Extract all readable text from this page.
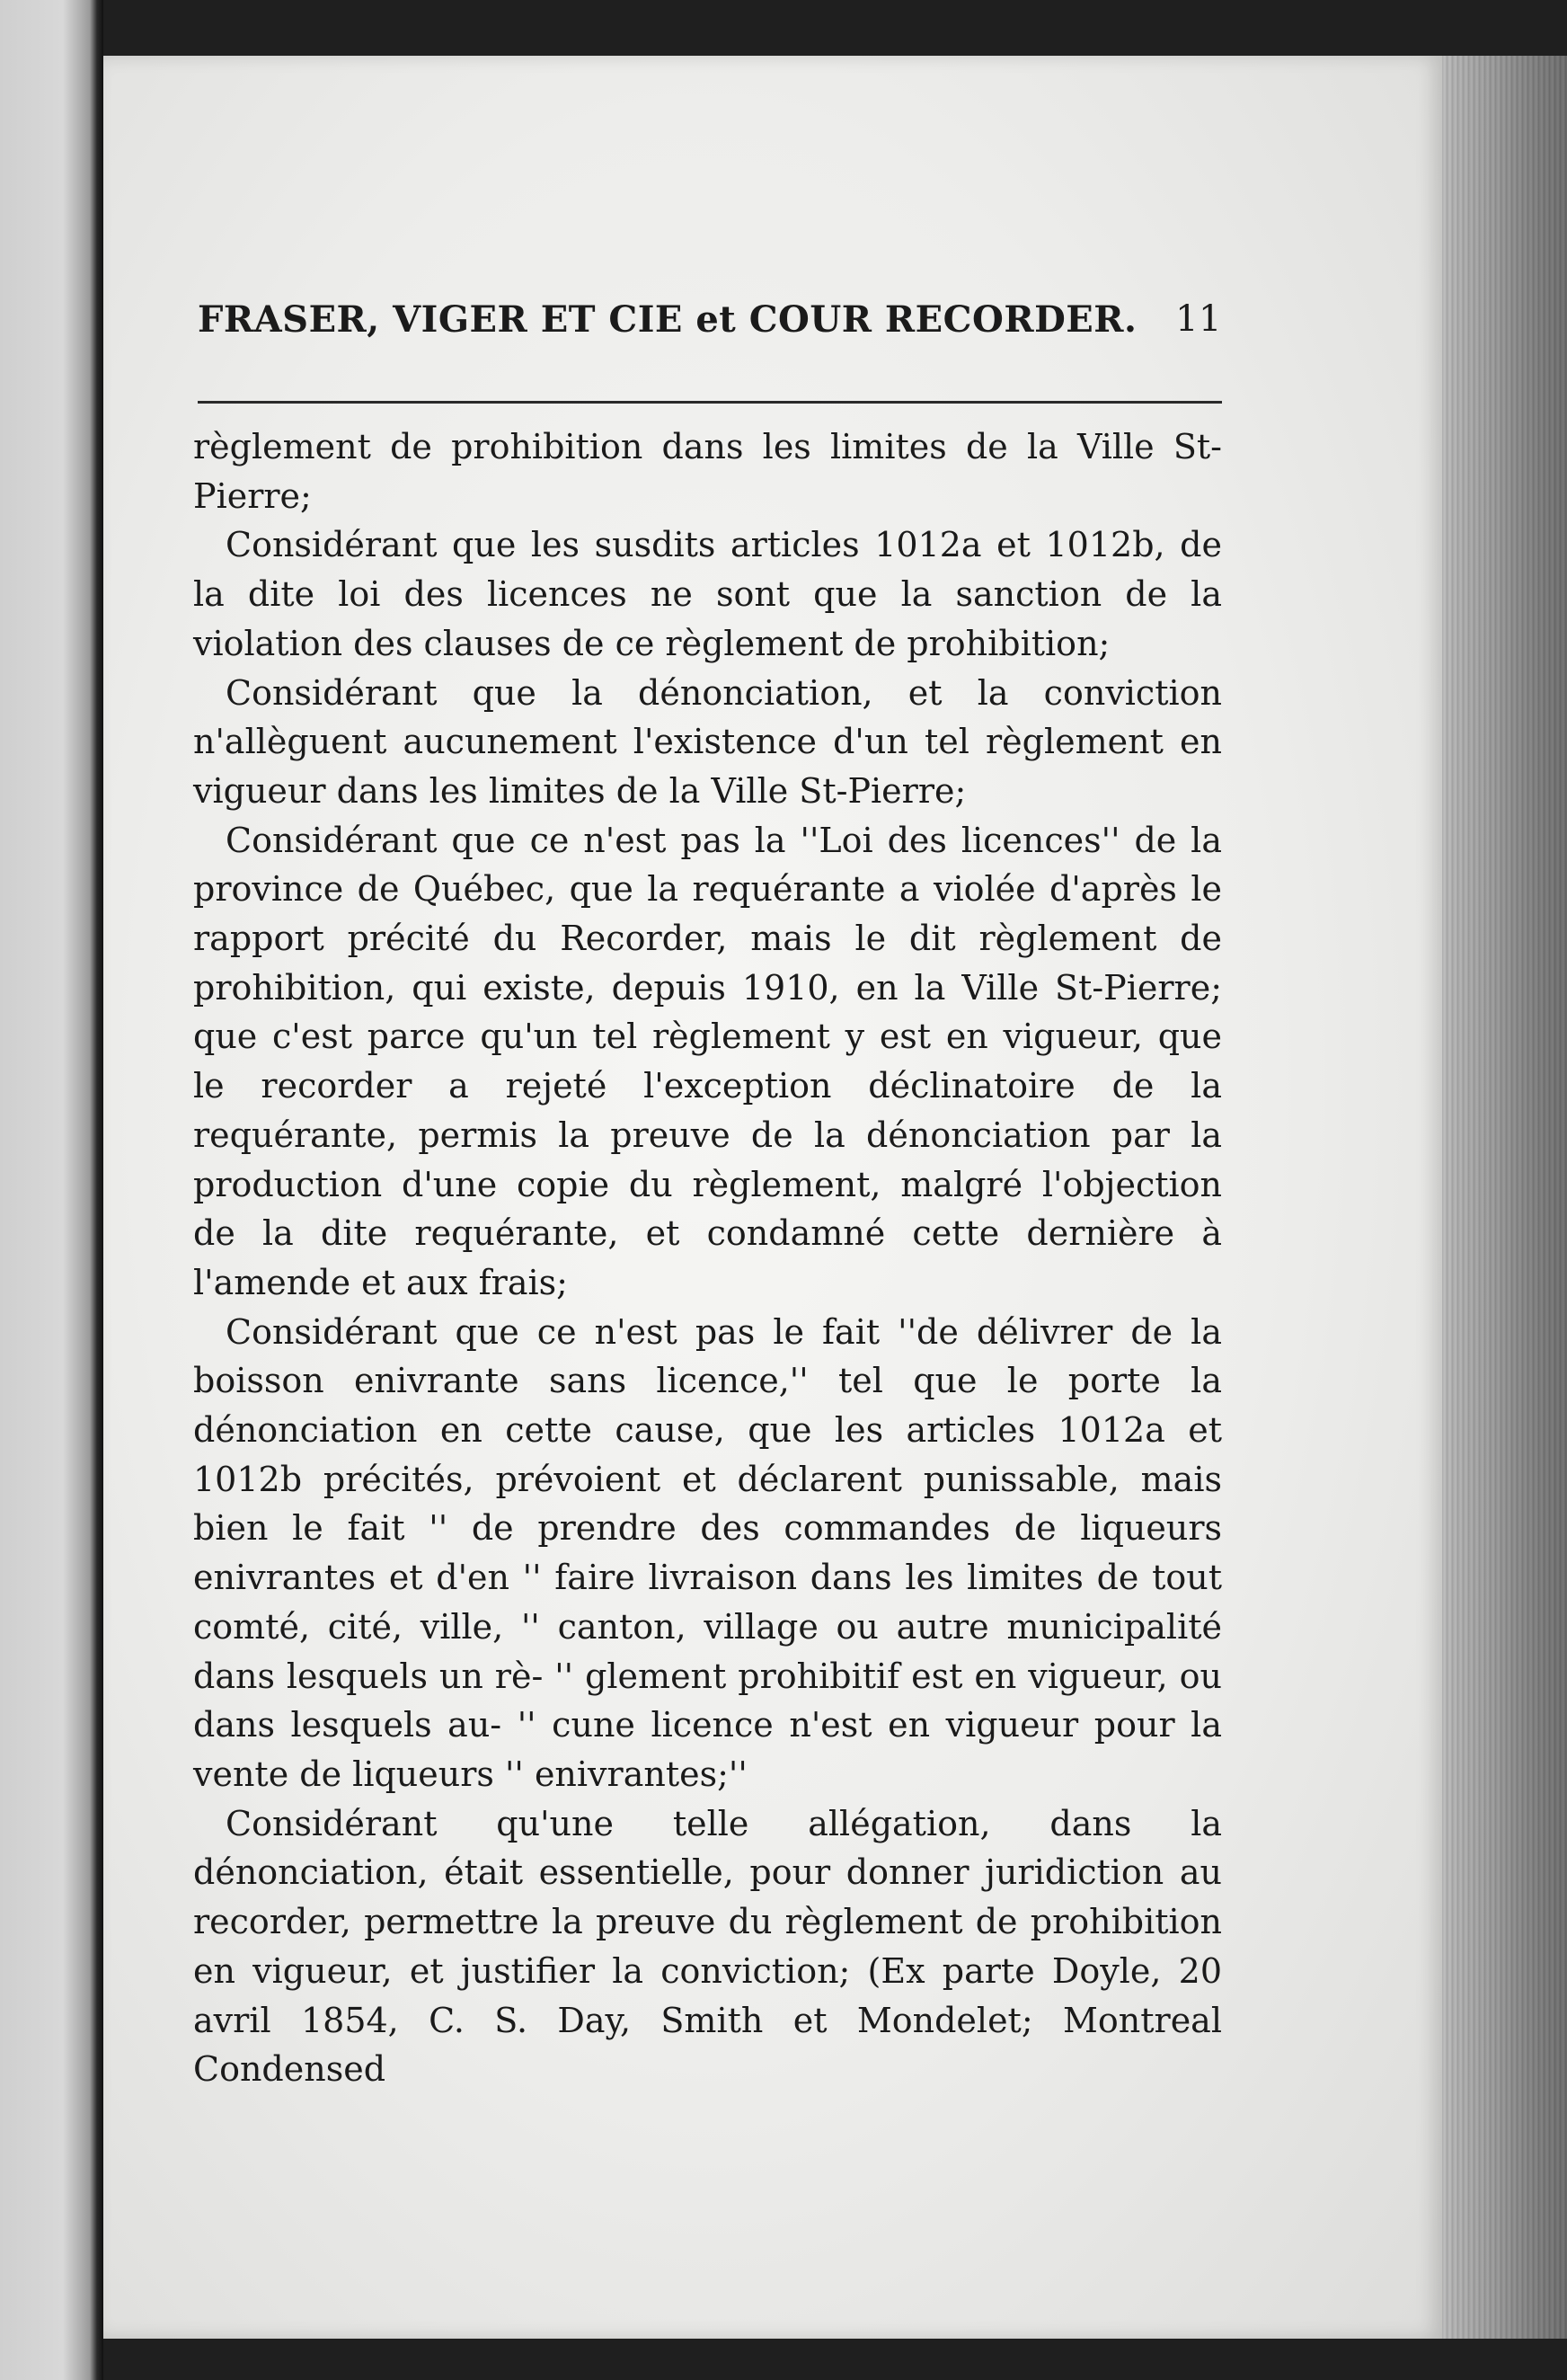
FRASER, VIGER ET CIE et COUR RECORDER. 11

règlement de prohibition dans les limites de la Ville St-Pierre;

Considérant que les susdits articles 1012a et 1012b, de la dite loi des licences ne sont que la sanction de la violation des clauses de ce règlement de prohibition;

Considérant que la dénonciation, et la conviction n'allèguent aucunement l'existence d'un tel règlement en vigueur dans les limites de la Ville St-Pierre;

Considérant que ce n'est pas la ''Loi des licences'' de la province de Québec, que la requérante a violée d'après le rapport précité du Recorder, mais le dit règlement de prohibition, qui existe, depuis 1910, en la Ville St-Pierre; que c'est parce qu'un tel règlement y est en vigueur, que le recorder a rejeté l'exception déclinatoire de la requérante, permis la preuve de la dénonciation par la production d'une copie du règlement, malgré l'objection de la dite requérante, et condamné cette dernière à l'amende et aux frais;

Considérant que ce n'est pas le fait ''de délivrer de la boisson enivrante sans licence,'' tel que le porte la dénonciation en cette cause, que les articles 1012a et 1012b précités, prévoient et déclarent punissable, mais bien le fait '' de prendre des commandes de liqueurs enivrantes et d'en '' faire livraison dans les limites de tout comté, cité, ville, '' canton, village ou autre municipalité dans lesquels un rè- '' glement prohibitif est en vigueur, ou dans lesquels au- '' cune licence n'est en vigueur pour la vente de liqueurs '' enivrantes;''

Considérant qu'une telle allégation, dans la dénonciation, était essentielle, pour donner juridiction au recorder, permettre la preuve du règlement de prohibition en vigueur, et justifier la conviction; (Ex parte Doyle, 20 avril 1854, C. S. Day, Smith et Mondelet; Montreal Condensed
